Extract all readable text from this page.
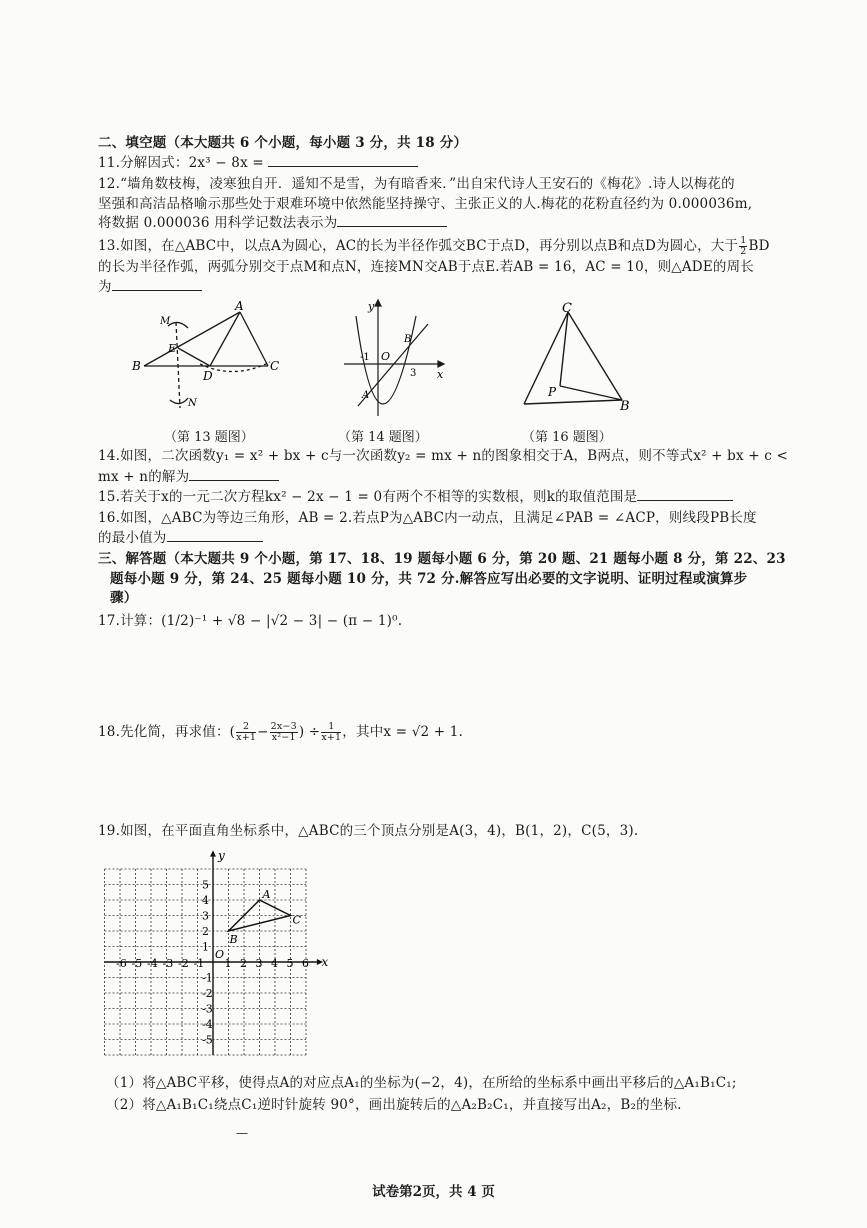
二、填空题（本大题共 6 个小题，每小题 3 分，共 18 分）
11.分解因式：2x³ − 8x =
12.“墙角数枝梅，凌寒独自开．遥知不是雪，为有暗香来．”出自宋代诗人王安石的《梅花》.诗人以梅花的
坚强和高洁品格喻示那些处于艰难环境中依然能坚持操守、主张正义的人.梅花的花粉直径约为 0.000036m,
将数据 0.000036 用科学记数法表示为
13.如图，在△ABC中，以点A为圆心，AC的长为半径作弧交BC于点D，再分别以点B和点D为圆心，大于 $\frac{1}{2}$ BD
的长为半径作弧，两弧分别交于点M和点N，连接MN交AB于点E.若AB = 16，AC = 10，则△ADE的周长
为
A
B	C
D
E
M
N
（第 13 题图）
y
x
O
-1
3
A
B
（第 14 题图）
C
P
B
（第 16 题图）
14.如图，二次函数y₁ = x² + bx + c与一次函数y₂ = mx + n的图象相交于A，B两点，则不等式x² + bx + c <
mx + n的解为
15.若关于x的一元二次方程kx² − 2x − 1 = 0有两个不相等的实数根，则k的取值范围是
16.如图，△ABC为等边三角形，AB = 2.若点P为△ABC内一动点，且满足∠PAB = ∠ACP，则线段PB长度
的最小值为
三、解答题（本大题共 9 个小题，第 17、18、19 题每小题 6 分，第 20 题、21 题每小题 8 分，第 22、23
题每小题 9 分，第 24、25 题每小题 10 分，共 72 分.解答应写出必要的文字说明、证明过程或演算步
骤）
17.计算：(1/2)⁻¹ + √8 − |√2 − 3| − (π − 1)⁰.
18.先化简，再求值：( $\frac{2}{x+1} - \frac{2x-3}{\text{x²−1}}$ ) ÷ $\frac{1}{x+1}$ ，其中x = √2 + 1.
19.如图，在平面直角坐标系中，△ABC的三个顶点分别是A(3，4)，B(1，2)，C(5，3).
x
y
O
-6 -5 -4 -3 -2 -1 1 2 3 4 5 6
5
4
3
2
1
-1
-2
-3
-4
-5
A
B
C
（1）将△ABC平移，使得点A的对应点A₁的坐标为(−2，4)，在所给的坐标系中画出平移后的△A₁B₁C₁;
（2）将△A₁B₁C₁绕点C₁逆时针旋转 90°，画出旋转后的△A₂B₂C₁，并直接写出A₂，B₂的坐标.
—
试卷第2页，共 4 页
